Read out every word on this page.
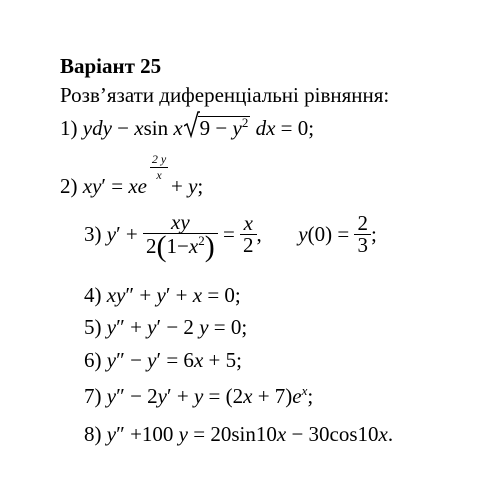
Варіант 25
Розв’язати диференціальні рівняння:
1) ydy − xsin x $9 - y^2$ dx = 0;
$\frac{2 y}{x}$
2) xy′ = xe + y;
3) $y' + \frac{xy}{2(1-x^2)} = \frac{x}{2}$ , $y(0) = \frac{2}{3}$ ;
4) xy″ + y′ + x = 0;
5) y″ + y′ − 2 y = 0;
6) y″ − y′ = 6x + 5;
7) $y'' - 2y' + y = (2x + 7)e^x$;
8) y″ +100 y = 20sin10x − 30cos10x.
